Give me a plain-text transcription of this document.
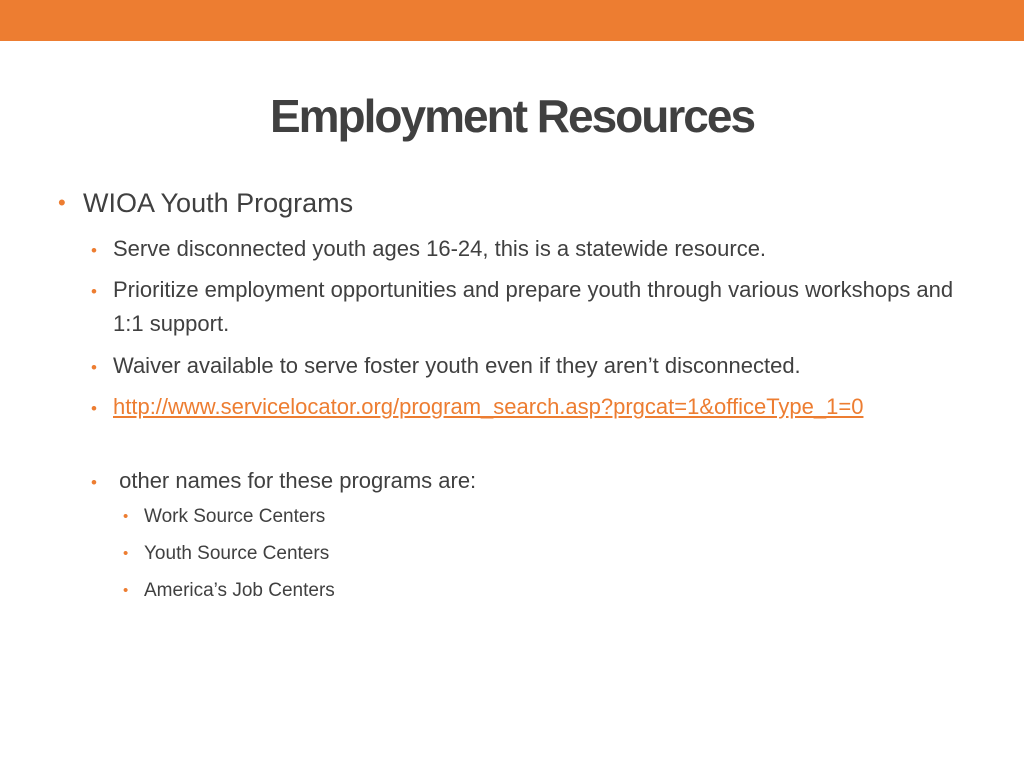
Employment Resources
• WIOA Youth Programs
• Serve disconnected youth ages 16-24, this is a statewide resource.
• Prioritize employment opportunities and prepare youth through various workshops and 1:1 support.
• Waiver available to serve foster youth even if they aren’t disconnected.
• http://www.servicelocator.org/program_search.asp?prgcat=1&officeType_1=0
• other names for these programs are:
• Work Source Centers
• Youth Source Centers
• America’s Job Centers
